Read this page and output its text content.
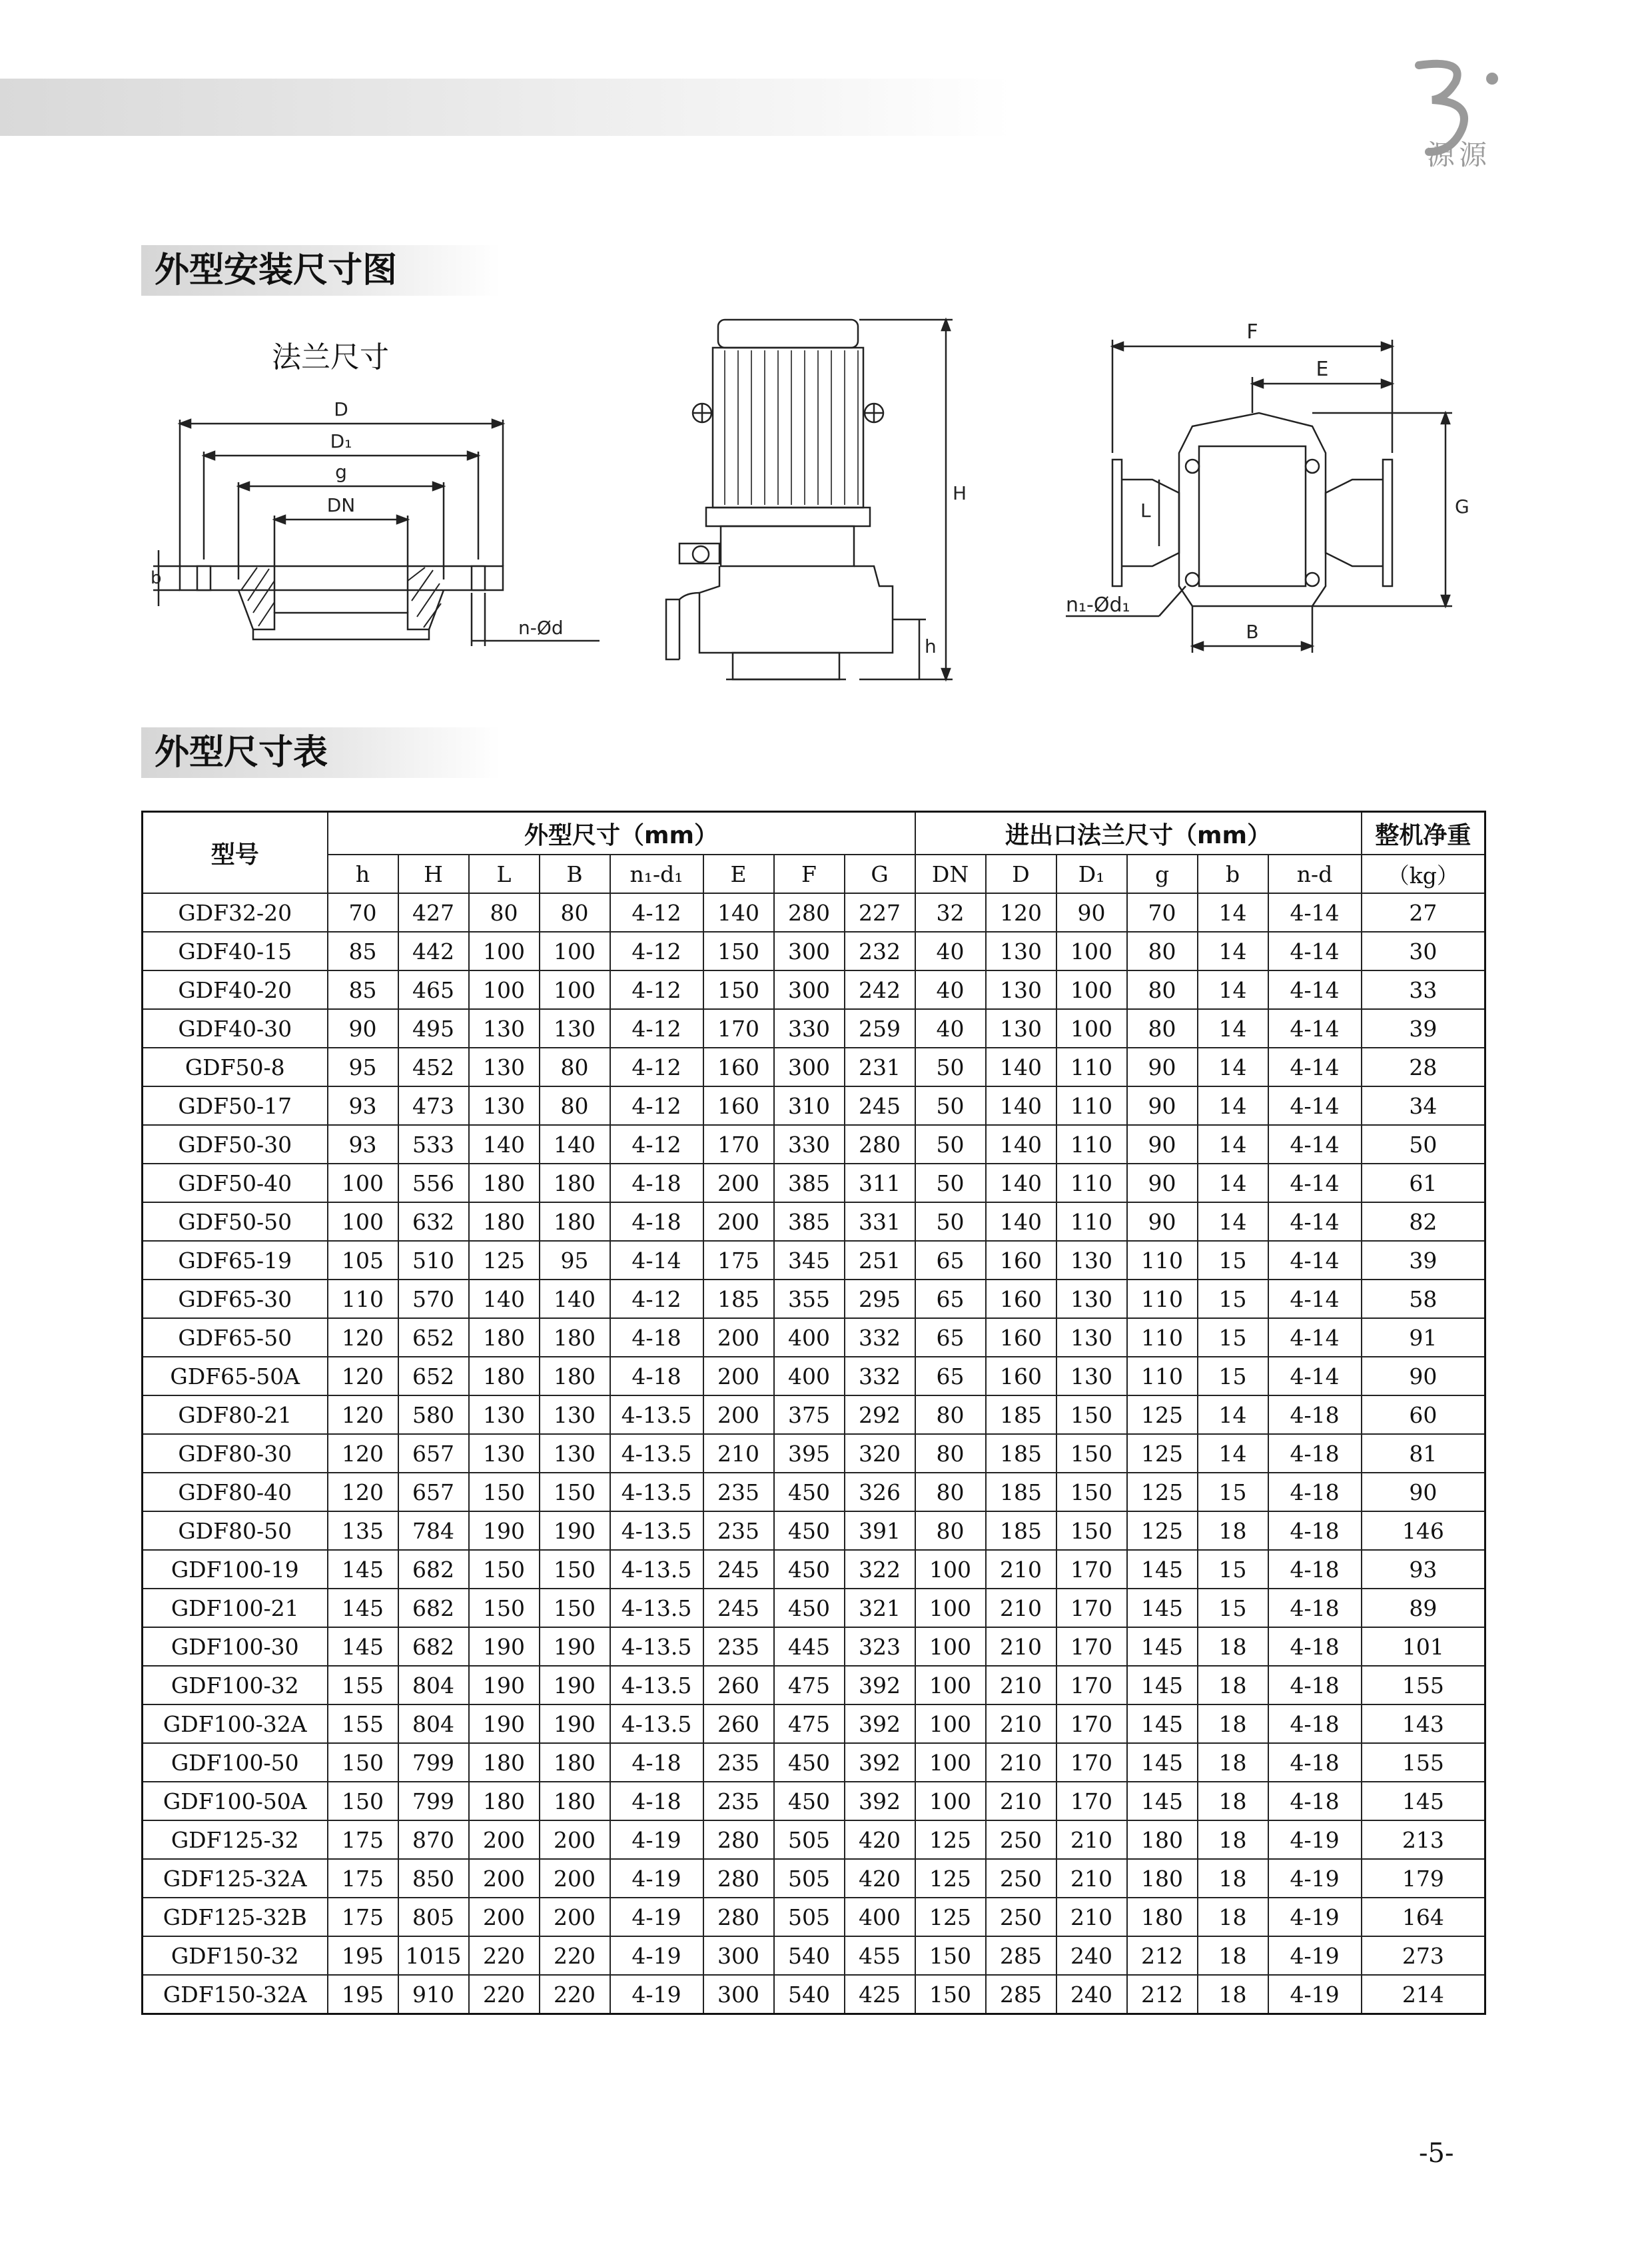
源源
外型安装尺寸图
法兰尺寸
D
D₁
g
DN
b
n-Ød
H
h
F
E
L	G
B
n₁-Ød₁
外型尺寸表
型号	外型尺寸（mm）								进出口法兰尺寸（mm）						整机净重
	h	H	L	B	n₁-d₁	E	F	G	DN	D	D₁	g	b	n-d	（kg）
GDF32-20	70	427	80	80	4-12	140	280	227	32	120	90	70	14	4-14	27
GDF40-15	85	442	100	100	4-12	150	300	232	40	130	100	80	14	4-14	30
GDF40-20	85	465	100	100	4-12	150	300	242	40	130	100	80	14	4-14	33
GDF40-30	90	495	130	130	4-12	170	330	259	40	130	100	80	14	4-14	39
GDF50-8	95	452	130	80	4-12	160	300	231	50	140	110	90	14	4-14	28
GDF50-17	93	473	130	80	4-12	160	310	245	50	140	110	90	14	4-14	34
GDF50-30	93	533	140	140	4-12	170	330	280	50	140	110	90	14	4-14	50
GDF50-40	100	556	180	180	4-18	200	385	311	50	140	110	90	14	4-14	61
GDF50-50	100	632	180	180	4-18	200	385	331	50	140	110	90	14	4-14	82
GDF65-19	105	510	125	95	4-14	175	345	251	65	160	130	110	15	4-14	39
GDF65-30	110	570	140	140	4-12	185	355	295	65	160	130	110	15	4-14	58
GDF65-50	120	652	180	180	4-18	200	400	332	65	160	130	110	15	4-14	91
GDF65-50A	120	652	180	180	4-18	200	400	332	65	160	130	110	15	4-14	90
GDF80-21	120	580	130	130	4-13.5	200	375	292	80	185	150	125	14	4-18	60
GDF80-30	120	657	130	130	4-13.5	210	395	320	80	185	150	125	14	4-18	81
GDF80-40	120	657	150	150	4-13.5	235	450	326	80	185	150	125	15	4-18	90
GDF80-50	135	784	190	190	4-13.5	235	450	391	80	185	150	125	18	4-18	146
GDF100-19	145	682	150	150	4-13.5	245	450	322	100	210	170	145	15	4-18	93
GDF100-21	145	682	150	150	4-13.5	245	450	321	100	210	170	145	15	4-18	89
GDF100-30	145	682	190	190	4-13.5	235	445	323	100	210	170	145	18	4-18	101
GDF100-32	155	804	190	190	4-13.5	260	475	392	100	210	170	145	18	4-18	155
GDF100-32A	155	804	190	190	4-13.5	260	475	392	100	210	170	145	18	4-18	143
GDF100-50	150	799	180	180	4-18	235	450	392	100	210	170	145	18	4-18	155
GDF100-50A	150	799	180	180	4-18	235	450	392	100	210	170	145	18	4-18	145
GDF125-32	175	870	200	200	4-19	280	505	420	125	250	210	180	18	4-19	213
GDF125-32A	175	850	200	200	4-19	280	505	420	125	250	210	180	18	4-19	179
GDF125-32B	175	805	200	200	4-19	280	505	400	125	250	210	180	18	4-19	164
GDF150-32	195	1015	220	220	4-19	300	540	455	150	285	240	212	18	4-19	273
GDF150-32A	195	910	220	220	4-19	300	540	425	150	285	240	212	18	4-19	214
-5-
